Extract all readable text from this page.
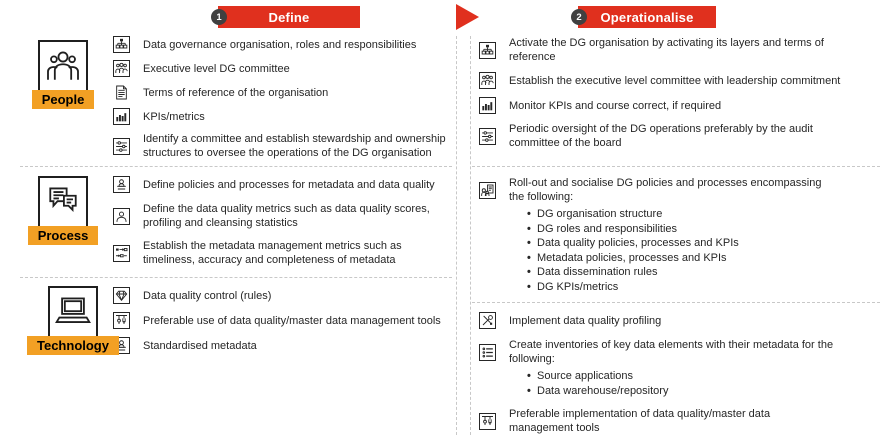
1	Define	2	Operationalise
People
Process
Technology
Data governance organisation, roles and responsibilities
Executive level DG committee
Terms of reference of the organisation
KPIs/metrics
Identify a committee and establish stewardship and ownership structures to oversee the operations of the DG organisation
Define policies and processes for metadata and data quality
Define the data quality metrics such as data quality scores, profiling and cleansing statistics
Establish the metadata management metrics such as timeliness, accuracy and completeness of metadata
Data quality control (rules)
Preferable use of data quality/master data management tools
Standardised metadata
Activate the DG organisation by activating its layers and terms of reference
Establish the executive level committee with leadership commitment
Monitor KPIs and course correct, if required
Periodic oversight of the DG operations preferably by the audit committee of the board
Roll-out and socialise DG policies and processes encompassing the following:
• DG organisation structure
• DG roles and responsibilities
• Data quality policies, processes and KPIs
• Metadata policies, processes and KPIs
• Data dissemination rules
• DG KPIs/metrics
Implement data quality profiling
Create inventories of key data elements with their metadata for the following:
• Source applications
• Data warehouse/repository
Preferable implementation of data quality/master data management tools
